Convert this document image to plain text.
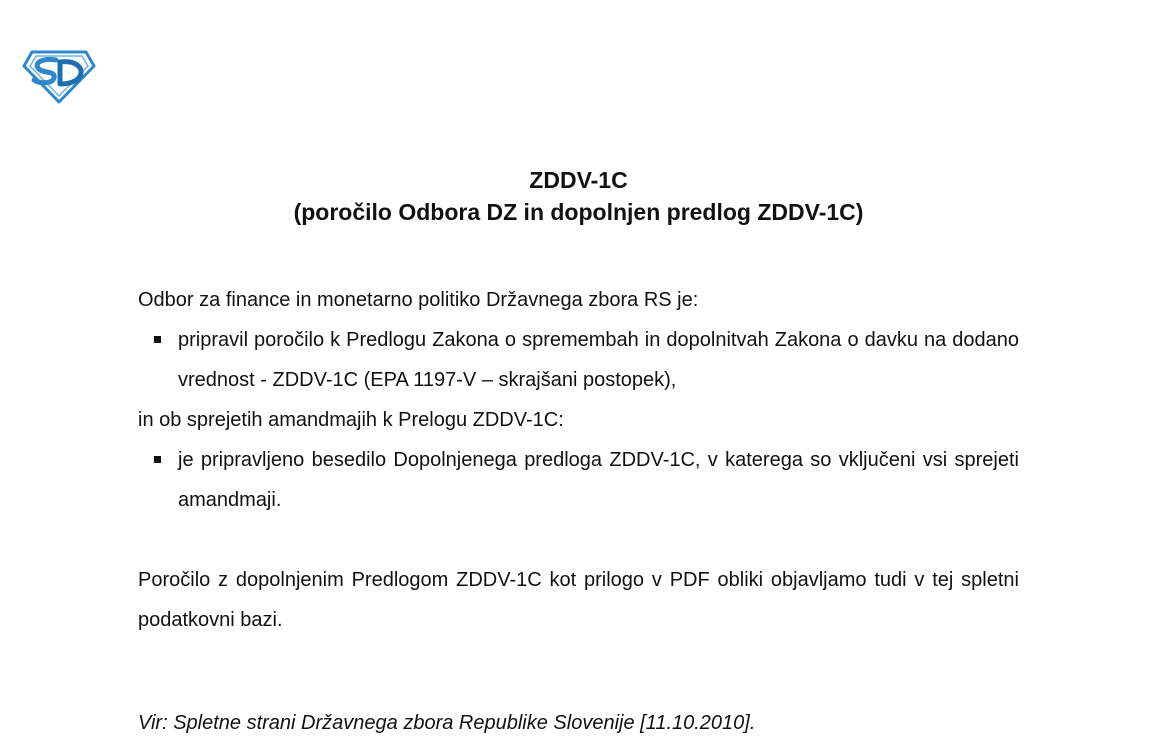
ZDDV-1C
(poročilo Odbora DZ in dopolnjen predlog ZDDV-1C)

Odbor za finance in monetarno politiko Državnega zbora RS je:

pripravil poročilo k Predlogu Zakona o spremembah in dopolnitvah Zakona o davku na dodano vrednost - ZDDV-1C (EPA 1197-V – skrajšani postopek),

in ob sprejetih amandmajih k Prelogu ZDDV-1C:

je pripravljeno besedilo Dopolnjenega predloga ZDDV-1C, v katerega so vključeni vsi sprejeti amandmaji.

Poročilo z dopolnjenim Predlogom ZDDV-1C kot prilogo v PDF obliki objavljamo tudi v tej spletni podatkovni bazi.

Vir: Spletne strani Državnega zbora Republike Slovenije [11.10.2010].
